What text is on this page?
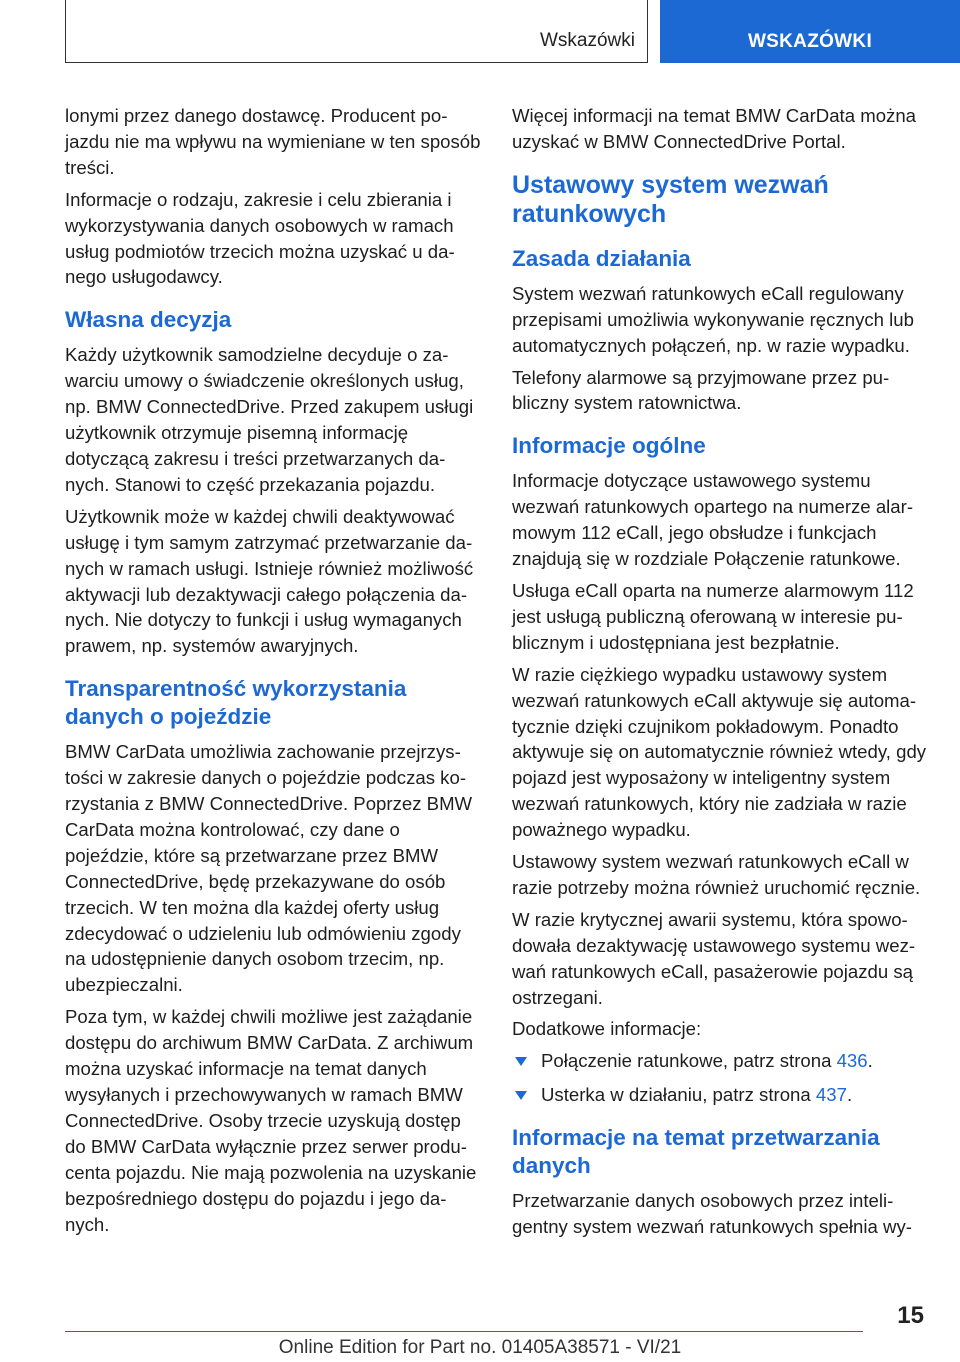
Wskazówki	WSKAZÓWKI

lonymi przez danego dostawcę. Producent pojazdu nie ma wpływu na wymieniane w ten sposób treści.

Informacje o rodzaju, zakresie i celu zbierania i wykorzystywania danych osobowych w ramach usług podmiotów trzecich można uzyskać u danego usługodawcy.

Własna decyzja

Każdy użytkownik samodzielne decyduje o zawarciu umowy o świadczenie określonych usług, np. BMW ConnectedDrive. Przed zakupem usługi użytkownik otrzymuje pisemną informację dotyczącą zakresu i treści przetwarzanych danych. Stanowi to część przekazania pojazdu.

Użytkownik może w każdej chwili deaktywować usługę i tym samym zatrzymać przetwarzanie danych w ramach usługi. Istnieje również możliwość aktywacji lub dezaktywacji całego połączenia danych. Nie dotyczy to funkcji i usług wymaganych prawem, np. systemów awaryjnych.

Transparentność wykorzystania danych o pojeździe

BMW CarData umożliwia zachowanie przejrzystości w zakresie danych o pojeździe podczas korzystania z BMW ConnectedDrive. Poprzez BMW CarData można kontrolować, czy dane o pojeździe, które są przetwarzane przez BMW ConnectedDrive, będę przekazywane do osób trzecich. W ten można dla każdej oferty usług zdecydować o udzieleniu lub odmówieniu zgody na udostępnienie danych osobom trzecim, np. ubezpieczalni.

Poza tym, w każdej chwili możliwe jest zażądanie dostępu do archiwum BMW CarData. Z archiwum można uzyskać informacje na temat danych wysyłanych i przechowywanych w ramach BMW ConnectedDrive. Osoby trzecie uzyskują dostęp do BMW CarData wyłącznie przez serwer producenta pojazdu. Nie mają pozwolenia na uzyskanie bezpośredniego dostępu do pojazdu i jego danych.

Więcej informacji na temat BMW CarData można uzyskać w BMW ConnectedDrive Portal.

Ustawowy system wezwań ratunkowych
Zasada działania

System wezwań ratunkowych eCall regulowany przepisami umożliwia wykonywanie ręcznych lub automatycznych połączeń, np. w razie wypadku.

Telefony alarmowe są przyjmowane przez publiczny system ratownictwa.

Informacje ogólne

Informacje dotyczące ustawowego systemu wezwań ratunkowych opartego na numerze alarmowym 112 eCall, jego obsłudze i funkcjach znajdują się w rozdziale Połączenie ratunkowe.

Usługa eCall oparta na numerze alarmowym 112 jest usługą publiczną oferowaną w interesie publicznym i udostępniana jest bezpłatnie.

W razie ciężkiego wypadku ustawowy system wezwań ratunkowych eCall aktywuje się automatycznie dzięki czujnikom pokładowym. Ponadto aktywuje się on automatycznie również wtedy, gdy pojazd jest wyposażony w inteligentny system wezwań ratunkowych, który nie zadziała w razie poważnego wypadku.

Ustawowy system wezwań ratunkowych eCall w razie potrzeby można również uruchomić ręcznie.

W razie krytycznej awarii systemu, która spowodowała dezaktywację ustawowego systemu wezwań ratunkowych eCall, pasażerowie pojazdu są ostrzegani.

Dodatkowe informacje:

Połączenie ratunkowe, patrz strona 436.
Usterka w działaniu, patrz strona 437.
Informacje na temat przetwarzania danych

Przetwarzanie danych osobowych przez inteligentny system wezwań ratunkowych spełnia wy-

15
Online Edition for Part no. 01405A38571 - VI/21
